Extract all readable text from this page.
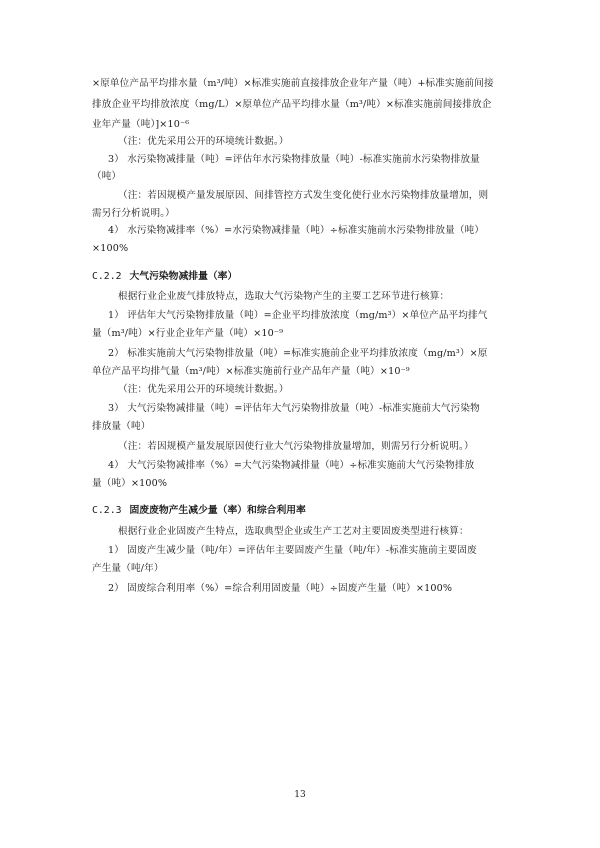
×原单位产品平均排水量（m³/吨）×标准实施前直接排放企业年产量（吨）+标准实施前间接
排放企业平均排放浓度（mg/L）×原单位产品平均排水量（m³/吨）×标准实施前间接排放企
业年产量（吨）]×10⁻⁶
（注：优先采用公开的环境统计数据。）
3） 水污染物减排量（吨）=评估年水污染物排放量（吨）-标准实施前水污染物排放量
（吨）
（注：若因规模产量发展原因、间排管控方式发生变化使行业水污染物排放量增加，则
需另行分析说明。）
4） 水污染物减排率（%）=水污染物减排量（吨）÷标准实施前水污染物排放量（吨）
×100%
C.2.2 大气污染物减排量（率）
根据行业企业废气排放特点，选取大气污染物产生的主要工艺环节进行核算：
1） 评估年大气污染物排放量（吨）=企业平均排放浓度（mg/m³）×单位产品平均排气
量（m³/吨）×行业企业年产量（吨）×10⁻⁹
2） 标准实施前大气污染物排放量（吨）=标准实施前企业平均排放浓度（mg/m³）×原
单位产品平均排气量（m³/吨）×标准实施前行业产品年产量（吨）×10⁻⁹
（注：优先采用公开的环境统计数据。）
3） 大气污染物减排量（吨）=评估年大气污染物排放量（吨）-标准实施前大气污染物
排放量（吨）
（注：若因规模产量发展原因使行业大气污染物排放量增加，则需另行分析说明。）
4） 大气污染物减排率（%）=大气污染物减排量（吨）÷标准实施前大气污染物排放
量（吨）×100%
C.2.3 固废废物产生减少量（率）和综合利用率
根据行业企业固废产生特点，选取典型企业或生产工艺对主要固废类型进行核算：
1） 固废产生减少量（吨/年）=评估年主要固废产生量（吨/年）-标准实施前主要固废
产生量（吨/年）
2） 固废综合利用率（%）=综合利用固废量（吨）÷固废产生量（吨）×100%
13
